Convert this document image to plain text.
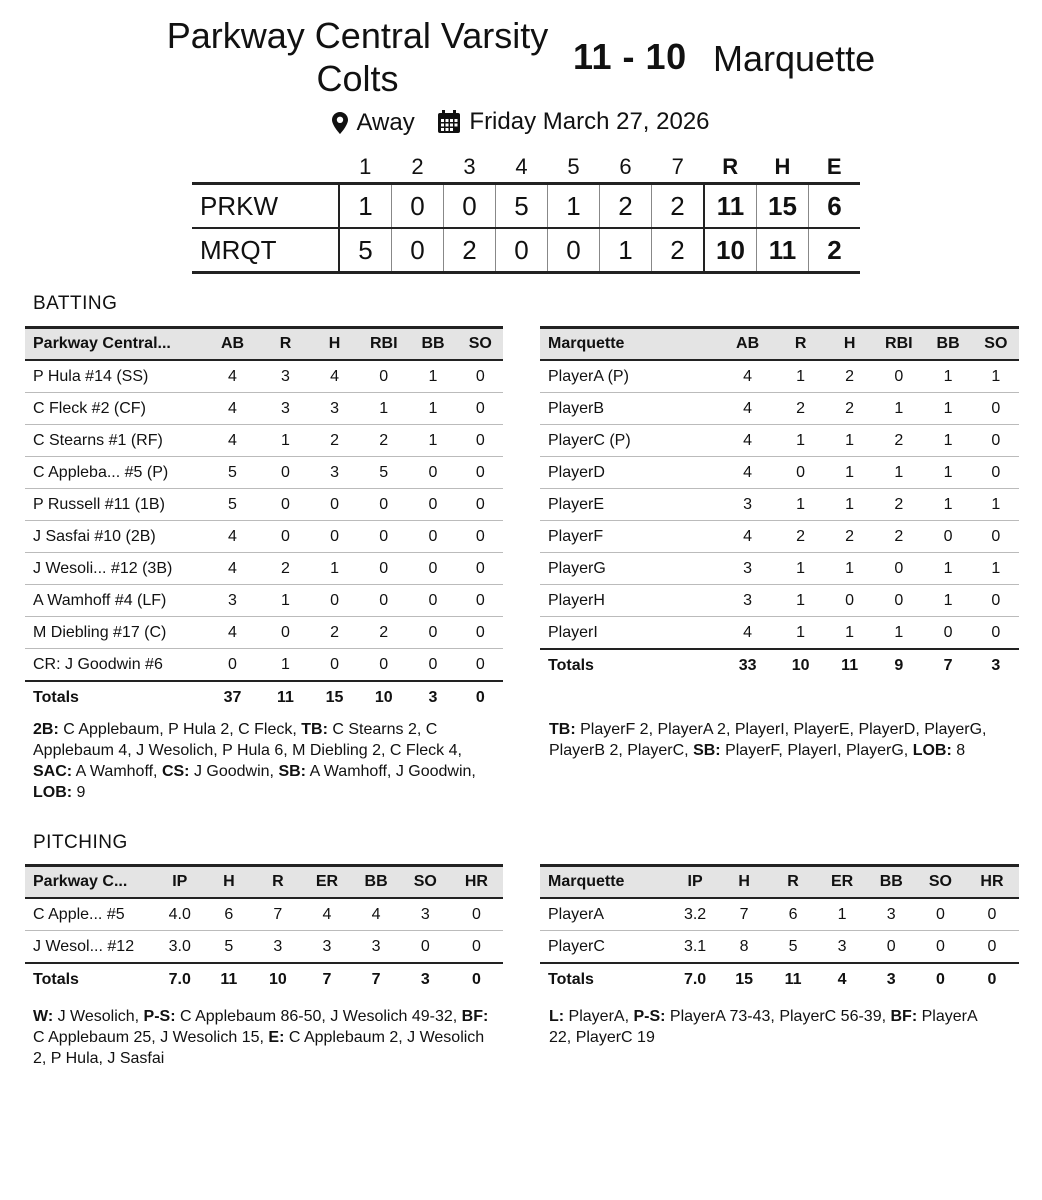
Parkway Central Varsity Colts
11 - 10 Marquette
Away
Friday March 27, 2026
	1	2	3	4	5	6	7	R	H	E
PRKW	1	0	0	5	1	2	2	11	15	6
MRQT	5	0	2	0	0	1	2	10	11	2
BATTING
Parkway Central...	AB	R	H	RBI	BB	SO
P Hula #14 (SS)	4	3	4	0	1	0
C Fleck #2 (CF)	4	3	3	1	1	0
C Stearns #1 (RF)	4	1	2	2	1	0
C Appleba... #5 (P)	5	0	3	5	0	0
P Russell #11 (1B)	5	0	0	0	0	0
J Sasfai #10 (2B)	4	0	0	0	0	0
J Wesoli... #12 (3B)	4	2	1	0	0	0
A Wamhoff #4 (LF)	3	1	0	0	0	0
M Diebling #17 (C)	4	0	2	2	0	0
CR: J Goodwin #6	0	1	0	0	0	0
Totals	37	11	15	10	3	0
Marquette	AB	R	H	RBI	BB	SO
PlayerA (P)	4	1	2	0	1	1
PlayerB	4	2	2	1	1	0
PlayerC (P)	4	1	1	2	1	0
PlayerD	4	0	1	1	1	0
PlayerE	3	1	1	2	1	1
PlayerF	4	2	2	2	0	0
PlayerG	3	1	1	0	1	1
PlayerH	3	1	0	0	1	0
PlayerI	4	1	1	1	0	0
Totals	33	10	11	9	7	3
2B: C Applebaum, P Hula 2, C Fleck, TB: C Stearns 2, C Applebaum 4, J Wesolich, P Hula 6, M Diebling 2, C Fleck 4, SAC: A Wamhoff, CS: J Goodwin, SB: A Wamhoff, J Goodwin, LOB: 9
TB: PlayerF 2, PlayerA 2, PlayerI, PlayerE, PlayerD, PlayerG, PlayerB 2, PlayerC, SB: PlayerF, PlayerI, PlayerG, LOB: 8
PITCHING
Parkway C...	IP	H	R	ER	BB	SO	HR
C Apple... #5	4.0	6	7	4	4	3	0
J Wesol... #12	3.0	5	3	3	3	0	0
Totals	7.0	11	10	7	7	3	0
Marquette	IP	H	R	ER	BB	SO	HR
PlayerA	3.2	7	6	1	3	0	0
PlayerC	3.1	8	5	3	0	0	0
Totals	7.0	15	11	4	3	0	0
W: J Wesolich, P-S: C Applebaum 86-50, J Wesolich 49-32, BF: C Applebaum 25, J Wesolich 15, E: C Applebaum 2, J Wesolich 2, P Hula, J Sasfai
L: PlayerA, P-S: PlayerA 73-43, PlayerC 56-39, BF: PlayerA 22, PlayerC 19
